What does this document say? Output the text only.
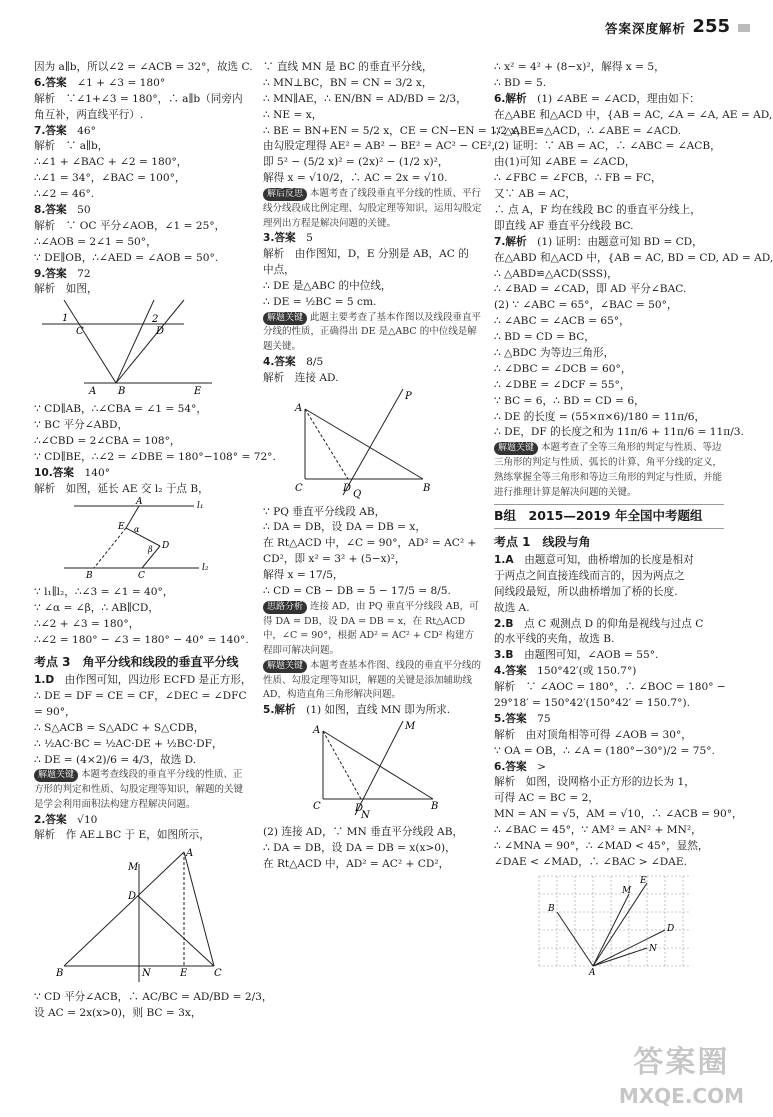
答案深度解析 255
因为 a∥b，所以∠2 = ∠ACB = 32°，故选 C.
6.答案　∠1 + ∠3 = 180°
解析　∵∠1+∠3 = 180°，∴ a∥b（同旁内
角互补，两直线平行）.
7.答案　46°
解析　∵ a∥b，
∴∠1 + ∠BAC + ∠2 = 180°，
∴∠1 = 34°，∠BAC = 100°，
∴∠2 = 46°.
8.答案　50
解析　∵ OC 平分∠AOB，∠1 = 25°，
∴∠AOB = 2∠1 = 50°，
∵ DE∥OB，∴∠AED = ∠AOB = 50°.
9.答案　72
解析　如图，
1
C	D
2
A B	E
∵ CD∥AB，∴∠CBA = ∠1 = 54°，
∵ BC 平分∠ABD，
∴∠CBD = 2∠CBA = 108°，
∵ CD∥BE，∴∠2 = ∠DBE = 180°−108° = 72°.
10.答案　140°
解析　如图，延长 AE 交 l₂ 于点 B，
A	l₁
E α
D
β
B	C
l₂
∵ l₁∥l₂，∴∠3 = ∠1 = 40°，
∵ ∠α = ∠β，∴ AB∥CD，
∴∠2 + ∠3 = 180°，
∴∠2 = 180° − ∠3 = 180° − 40° = 140°.
考点 3　角平分线和线段的垂直平分线
1.D　由作图可知，四边形 ECFD 是正方形，
∴ DE = DF = CE = CF，∠DEC = ∠DFC
= 90°，
∴ S△ACB = S△ADC + S△CDB，
∴ ½AC·BC = ½AC·DE + ½BC·DF，
∴ DE = (4×2)/6 = 4/3，故选 D.
解题关键 本题考查线段的垂直平分线的性质、正方形的判定和性质、勾股定理等知识，解题的关键是学会利用面积法构建方程解决问题。
2.答案　√10
解析　作 AE⊥BC 于 E，如图所示，
A
M
D
B	N	E	C
∵ CD 平分∠ACB，∴ AC/BC = AD/BD = 2/3，
设 AC = 2x(x>0)，则 BC = 3x，
∵ 直线 MN 是 BC 的垂直平分线，
∴ MN⊥BC，BN = CN = 3/2 x，
∴ MN∥AE，∴ EN/BN = AD/BD = 2/3，
∴ NE = x，
∴ BE = BN+EN = 5/2 x，CE = CN−EN = 1/2 x，
由勾股定理得 AE² = AB² − BE² = AC² − CE²，
即 5² − (5/2 x)² = (2x)² − (1/2 x)²，
解得 x = √10/2，∴ AC = 2x = √10.
解后反思 本题考查了线段垂直平分线的性质、平行线分线段成比例定理、勾股定理等知识，运用勾股定理列出方程是解决问题的关键。
3.答案　5
解析　由作图知，D，E 分别是 AB，AC 的
中点，
∴ DE 是△ABC 的中位线，
∴ DE = ½BC = 5 cm.
解题关键 此题主要考查了基本作图以及线段垂直平分线的性质，正确得出 DE 是△ABC 的中位线是解题关键。
4.答案　8/5
解析　连接 AD.
A
P
C	D
Q
B
∵ PQ 垂直平分线段 AB，
∴ DA = DB，设 DA = DB = x，
在 Rt△ACD 中，∠C = 90°，AD² = AC² +
CD²，即 x² = 3² + (5−x)²，
解得 x = 17/5，
∴ CD = CB − DB = 5 − 17/5 = 8/5.
思路分析 连接 AD，由 PQ 垂直平分线段 AB，可得 DA = DB，设 DA = DB = x，在 Rt△ACD 中，∠C = 90°，根据 AD² = AC² + CD² 构建方程即可解决问题。
解题关键 本题考查基本作图、线段的垂直平分线的性质、勾股定理等知识，解题的关键是添加辅助线 AD，构造直角三角形解决问题。
5.解析　(1) 如图，直线 MN 即为所求.
A	M
C	D
N
B
(2) 连接 AD，∵ MN 垂直平分线段 AB，
∴ DA = DB，设 DA = DB = x(x>0)，
在 Rt△ACD 中，AD² = AC² + CD²，
∴ x² = 4² + (8−x)²，解得 x = 5，
∴ BD = 5.
6.解析　(1) ∠ABE = ∠ACD，理由如下：
在△ABE 和△ACD 中，{AB = AC, ∠A = ∠A, AE = AD,
∴ △ABE≌△ACD，∴ ∠ABE = ∠ACD.
(2) 证明：∵ AB = AC，∴ ∠ABC = ∠ACB，
由(1)可知 ∠ABE = ∠ACD，
∴ ∠FBC = ∠FCB，∴ FB = FC，
又∵ AB = AC，
∴ 点 A，F 均在线段 BC 的垂直平分线上，
即直线 AF 垂直平分线段 BC.
7.解析　(1) 证明：由题意可知 BD = CD，
在△ABD 和△ACD 中，{AB = AC, BD = CD, AD = AD,
∴ △ABD≌△ACD(SSS)，
∴ ∠BAD = ∠CAD，即 AD 平分∠BAC.
(2) ∵ ∠ABC = 65°，∠BAC = 50°，
∴ ∠ABC = ∠ACB = 65°，
∴ BD = CD = BC，
∴ △BDC 为等边三角形，
∴ ∠DBC = ∠DCB = 60°，
∴ ∠DBE = ∠DCF = 55°，
∵ BC = 6，∴ BD = CD = 6，
∴ DE 的长度 = (55×π×6)/180 = 11π/6，
∴ DE，DF 的长度之和为 11π/6 + 11π/6 = 11π/3.
解题关键 本题考查了全等三角形的判定与性质、等边三角形的判定与性质、弧长的计算、角平分线的定义，熟练掌握全等三角形和等边三角形的判定与性质，并能进行推理计算是解决问题的关键。
B组　2015—2019 年全国中考题组
考点 1　线段与角
1.A　由题意可知，曲桥增加的长度是相对
于两点之间直接连线而言的，因为两点之
间线段最短，所以曲桥增加了桥的长度.
故选 A.
2.B　点 C 观测点 D 的仰角是视线与过点 C
的水平线的夹角，故选 B.
3.B　由题图可知，∠AOB = 55°.
4.答案　150°42′(或 150.7°)
解析　∵ ∠AOC = 180°，∴ ∠BOC = 180° −
29°18′ = 150°42′(150°42′ = 150.7°).
5.答案　75
解析　由对顶角相等可得 ∠AOB = 30°，
∵ OA = OB，∴ ∠A = (180°−30°)/2 = 75°.
6.答案　>
解析　如图，设网格小正方形的边长为 1，
可得 AC = BC = 2，
MN = AN = √5，AM = √10，∴ ∠ACB = 90°，
∴ ∠BAC = 45°，∵ AM² = AN² + MN²，
∴ ∠MNA = 90°，∴ ∠MAD < 45°，显然，
∠DAE < ∠MAD，∴ ∠BAC > ∠DAE.
B
M
E
D
N
A
答案圈
MXQE.COM
